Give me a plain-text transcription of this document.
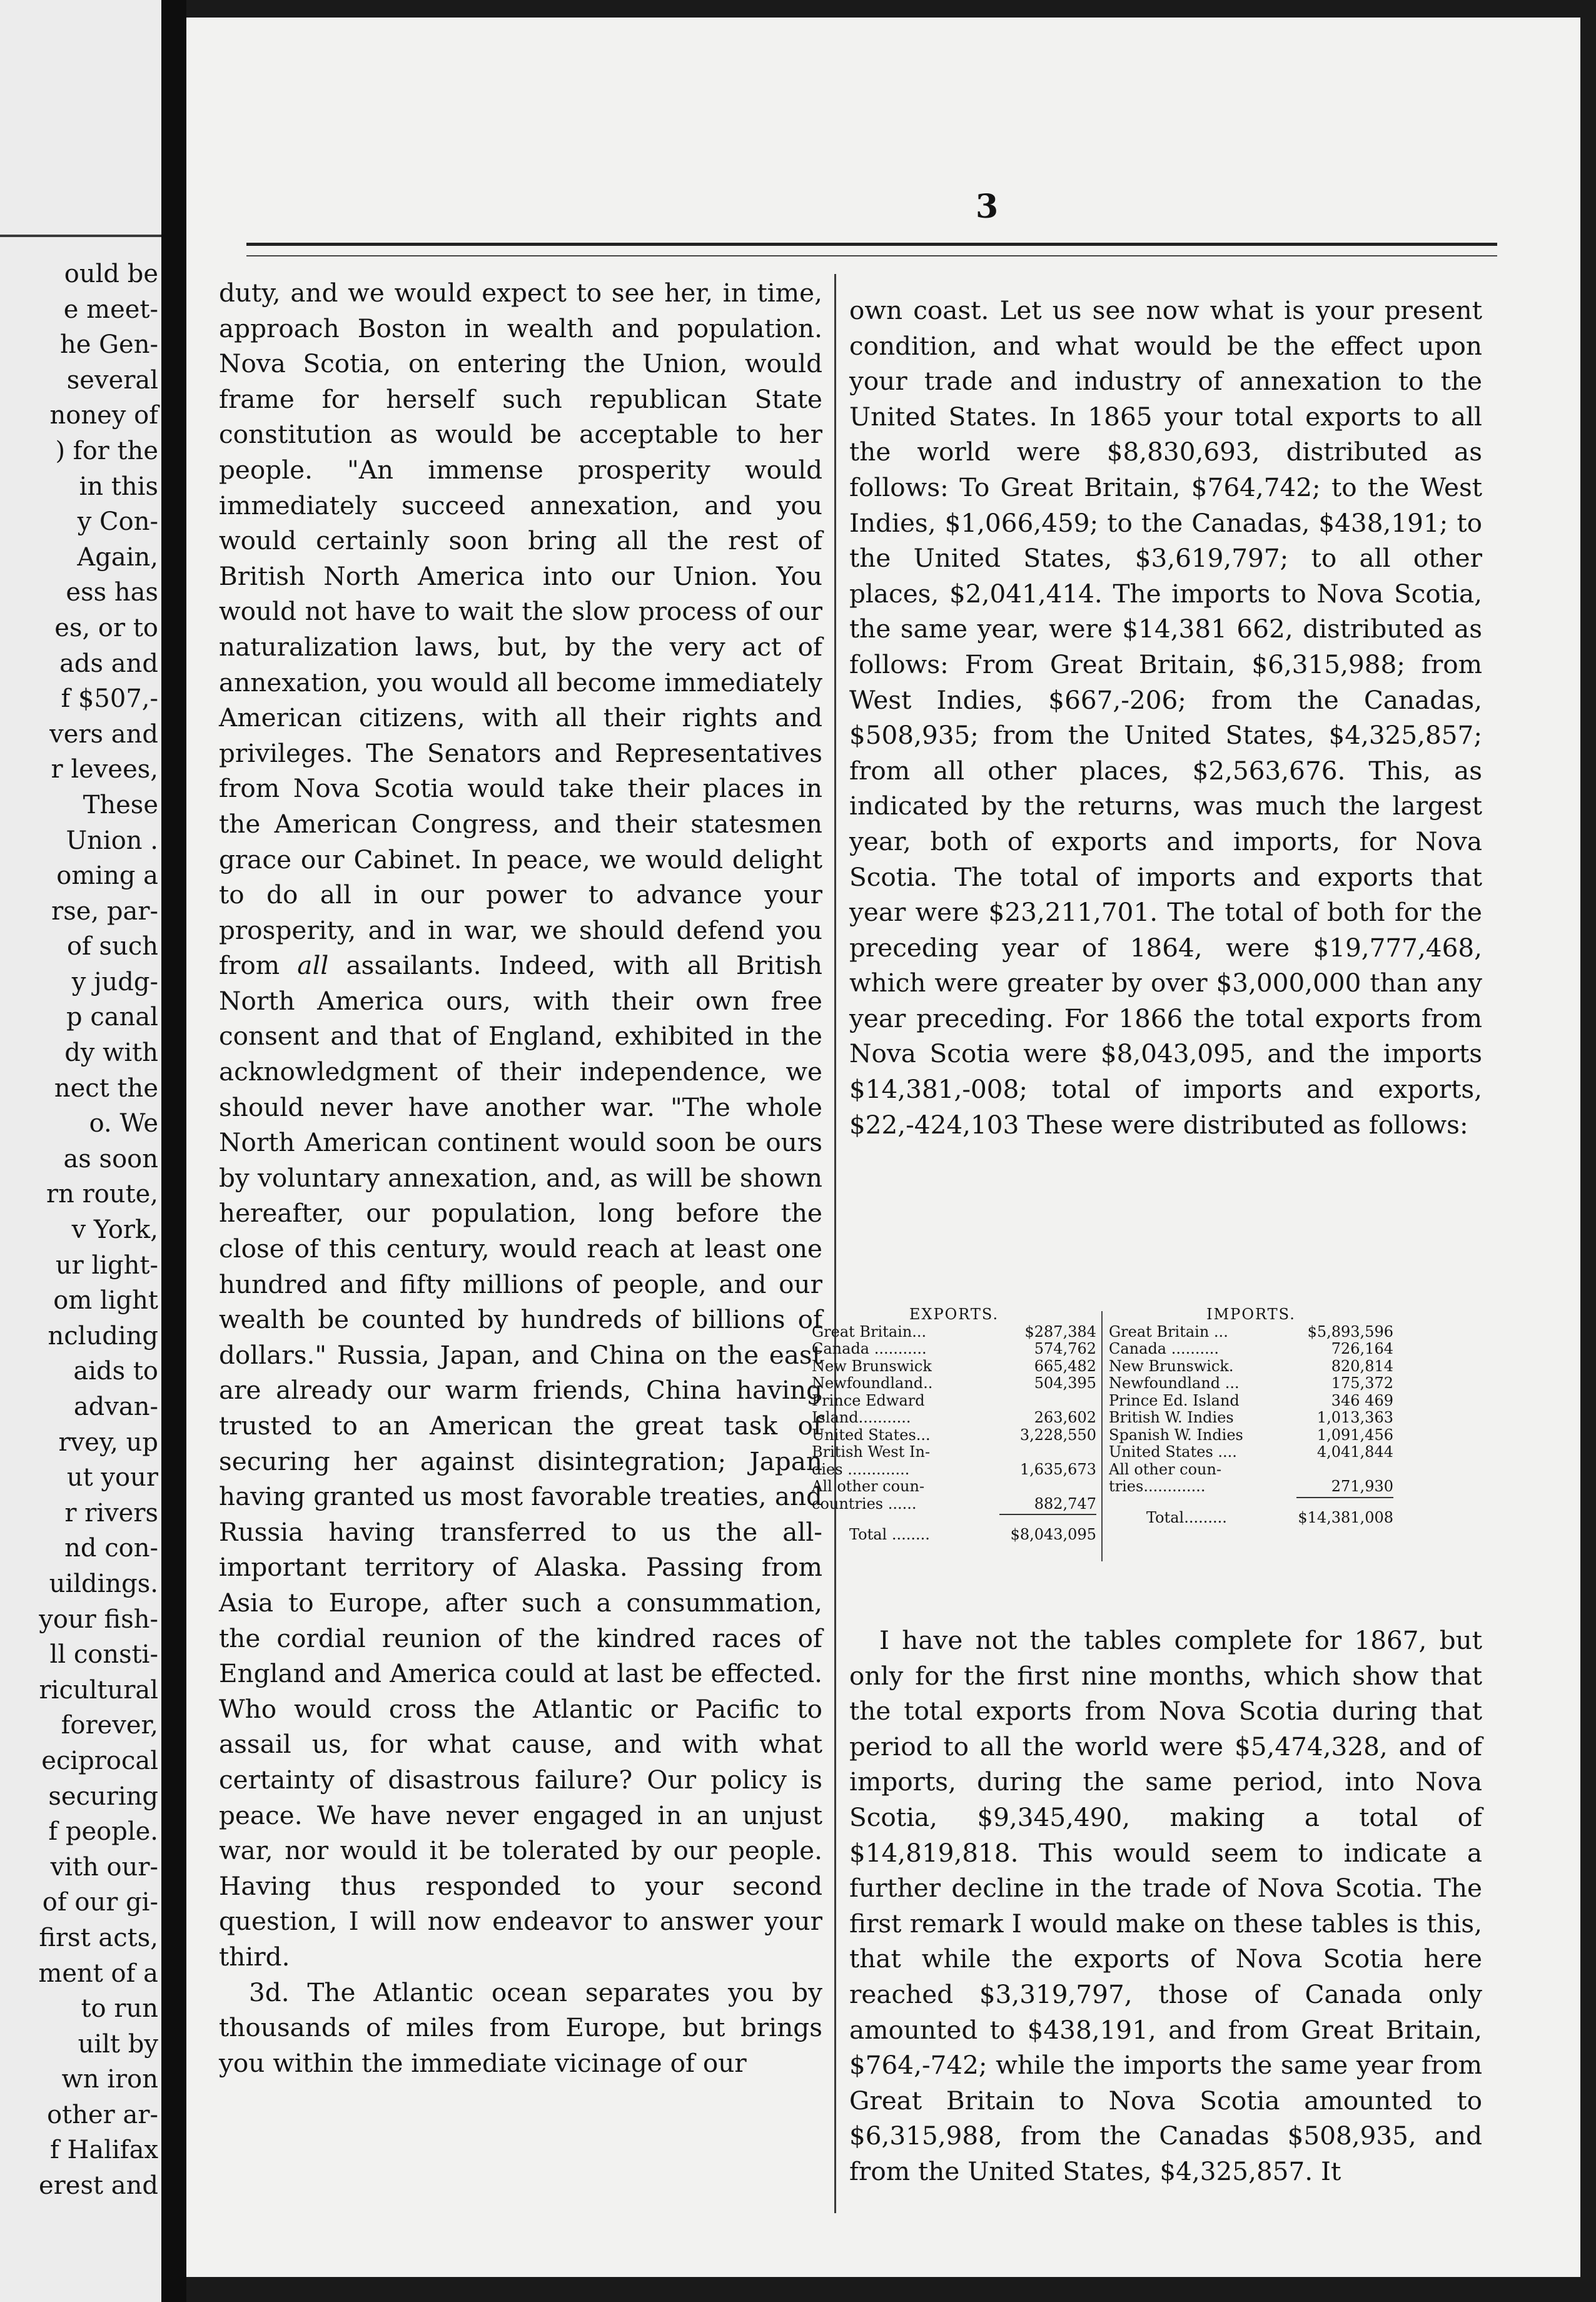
ould be
e meet-
he Gen-
several
noney of
) for the
in this
y Con-
Again,
ess has
es, or to
ads and
f $507,-
vers and
r levees,
These
Union .
oming a
rse, par-
of such
y judg-
p canal
dy with
nect the
o. We
as soon
rn route,
v York,
ur light-
om light
ncluding
aids to
advan-
rvey, up
ut your
r rivers
nd con-
uildings.
your fish-
ll consti-
ricultural
forever,
eciprocal
securing
f people.
vith our-
of our gi-
first acts,
ment of a
to run
uilt by
wn iron
other ar-
f Halifax
erest and
3

duty, and we would expect to see her, in time, approach Boston in wealth and population. Nova Scotia, on entering the Union, would frame for herself such republican State constitution as would be acceptable to her people. "An immense prosperity would immediately succeed annexation, and you would certainly soon bring all the rest of British North America into our Union. You would not have to wait the slow process of our naturalization laws, but, by the very act of annexation, you would all become immediately American citizens, with all their rights and privileges. The Senators and Representatives from Nova Scotia would take their places in the American Congress, and their statesmen grace our Cabinet. In peace, we would delight to do all in our power to advance your prosperity, and in war, we should defend you from all assailants. Indeed, with all British North America ours, with their own free consent and that of England, exhibited in the acknowledgment of their independence, we should never have another war. "The whole North American continent would soon be ours by voluntary annexation, and, as will be shown hereafter, our population, long before the close of this century, would reach at least one hundred and fifty millions of people, and our wealth be counted by hundreds of billions of dollars." Russia, Japan, and China on the east are already our warm friends, China having trusted to an American the great task of securing her against disintegration; Japan having granted us most favorable treaties, and Russia having transferred to us the all-important territory of Alaska. Passing from Asia to Europe, after such a consummation, the cordial reunion of the kindred races of England and America could at last be effected. Who would cross the Atlantic or Pacific to assail us, for what cause, and with what certainty of disastrous failure? Our policy is peace. We have never engaged in an unjust war, nor would it be tolerated by our people. Having thus responded to your second question, I will now endeavor to answer your third.

3d. The Atlantic ocean separates you by thousands of miles from Europe, but brings you within the immediate vicinage of our

own coast. Let us see now what is your present condition, and what would be the effect upon your trade and industry of annexation to the United States. In 1865 your total exports to all the world were $8,830,693, distributed as follows: To Great Britain, $764,742; to the West Indies, $1,066,459; to the Canadas, $438,191; to the United States, $3,619,797; to all other places, $2,041,414. The imports to Nova Scotia, the same year, were $14,381 662, distributed as follows: From Great Britain, $6,315,988; from West Indies, $667,-206; from the Canadas, $508,935; from the United States, $4,325,857; from all other places, $2,563,676. This, as indicated by the returns, was much the largest year, both of exports and imports, for Nova Scotia. The total of imports and exports that year were $23,211,701. The total of both for the preceding year of 1864, were $19,777,468, which were greater by over $3,000,000 than any year preceding. For 1866 the total exports from Nova Scotia were $8,043,095, and the imports $14,381,-008; total of imports and exports, $22,-424,103 These were distributed as follows:

EXPORTS.
Great Britain...	$287,384
Canada ...........	574,762
New Brunswick	665,482
Newfoundland..	504,395
Prince Edward
Island...........	263,602
United States...	3,228,550
British West In-
dies .............	1,635,673
All other coun-
countries ......	882,747
Total ........	$8,043,095
IMPORTS.
Great Britain ...	$5,893,596
Canada ..........	726,164
New Brunswick.	820,814
Newfoundland ...	175,372
Prince Ed. Island	346 469
British W. Indies	1,013,363
Spanish W. Indies	1,091,456
United States ....	4,041,844
All other coun-
tries.............	271,930
Total.........	$14,381,008

I have not the tables complete for 1867, but only for the first nine months, which show that the total exports from Nova Scotia during that period to all the world were $5,474,328, and of imports, during the same period, into Nova Scotia, $9,345,490, making a total of $14,819,818. This would seem to indicate a further decline in the trade of Nova Scotia. The first remark I would make on these tables is this, that while the exports of Nova Scotia here reached $3,319,797, those of Canada only amounted to $438,191, and from Great Britain, $764,-742; while the imports the same year from Great Britain to Nova Scotia amounted to $6,315,988, from the Canadas $508,935, and from the United States, $4,325,857. It
